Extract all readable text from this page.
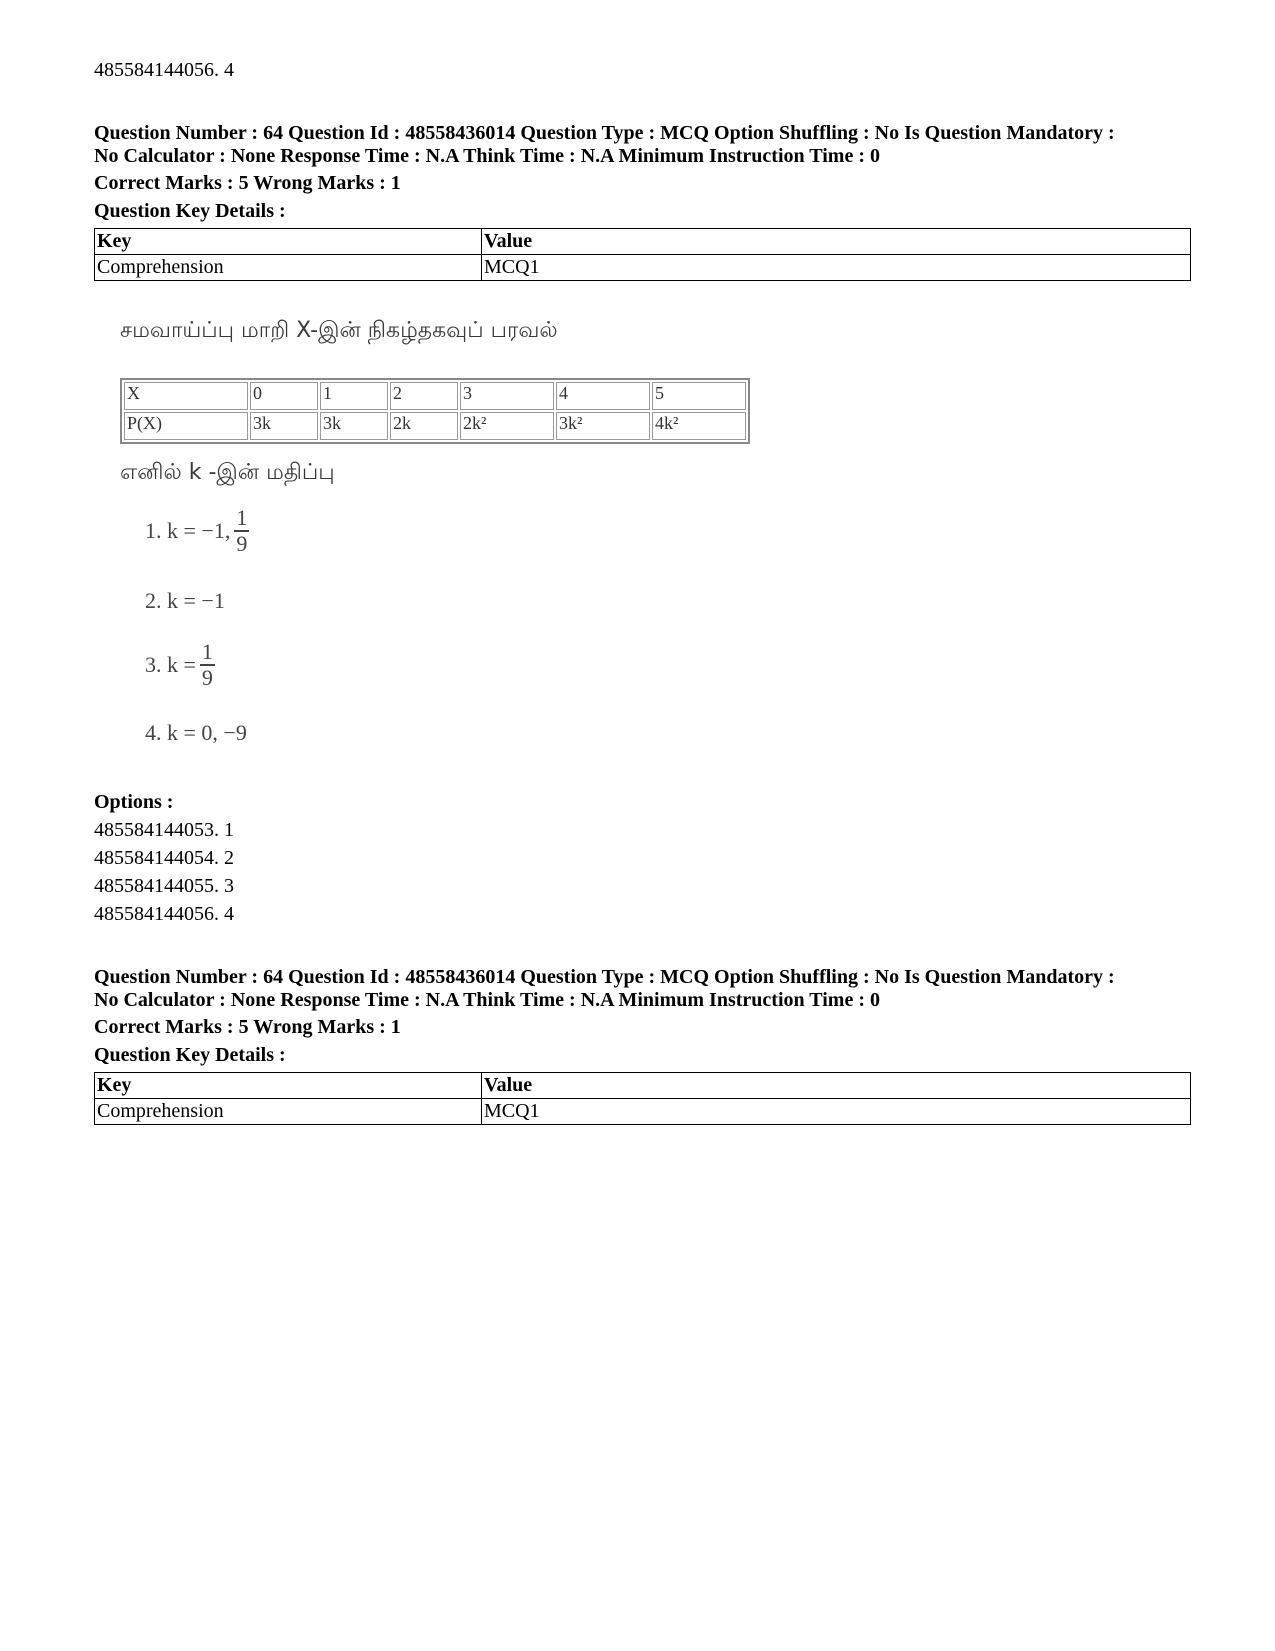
485584144056. 4
Question Number : 64 Question Id : 48558436014 Question Type : MCQ Option Shuffling : No Is Question Mandatory :
No Calculator : None Response Time : N.A Think Time : N.A Minimum Instruction Time : 0
Correct Marks : 5 Wrong Marks : 1
Question Key Details :
Key	Value
Comprehension	MCQ1
சமவாய்ப்பு மாறி X-இன் நிகழ்தகவுப் பரவல்
X	0	1	2	3	4	5
P(X)	3k	3k	2k	2k²	3k²	4k²
எனில் k -இன் மதிப்பு
1. k = −1, $\frac{1}{9}$
2. k = −1
3. $k = \frac{1}{9}$
4. k = 0, −9
Options :
485584144053. 1
485584144054. 2
485584144055. 3
485584144056. 4
Question Number : 64 Question Id : 48558436014 Question Type : MCQ Option Shuffling : No Is Question Mandatory :
No Calculator : None Response Time : N.A Think Time : N.A Minimum Instruction Time : 0
Correct Marks : 5 Wrong Marks : 1
Question Key Details :
Key	Value
Comprehension	MCQ1
